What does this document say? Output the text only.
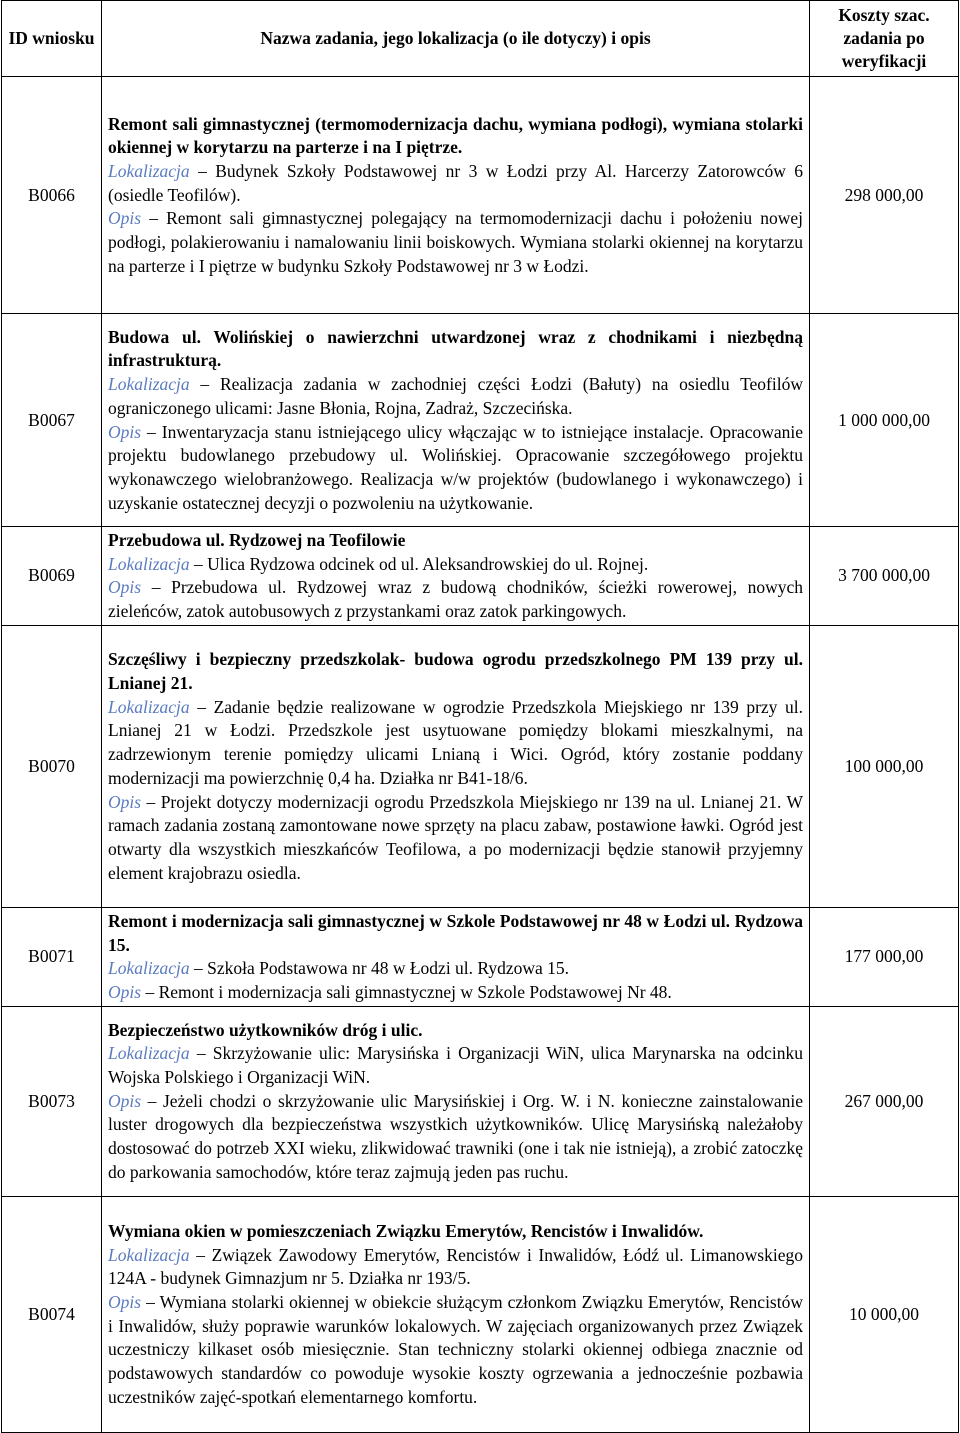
ID wniosku	Nazwa zadania, jego lokalizacja (o ile dotyczy) i opis	Koszty szac. zadania po weryfikacji
B0066	Remont sali gimnastycznej (termomodernizacja dachu, wymiana podłogi), wymiana stolarki okiennej w korytarzu na parterze i na I piętrze.
Lokalizacja – Budynek Szkoły Podstawowej nr 3 w Łodzi przy Al. Harcerzy Zatorowców 6 (osiedle Teofilów).
Opis – Remont sali gimnastycznej polegający na termomodernizacji dachu i położeniu nowej podłogi, polakierowaniu i namalowaniu linii boiskowych. Wymiana stolarki okiennej na korytarzu na parterze i I piętrze w budynku Szkoły Podstawowej nr 3 w Łodzi.	298 000,00
B0067	Budowa ul. Wolińskiej o nawierzchni utwardzonej wraz z chodnikami i niezbędną infrastrukturą.
Lokalizacja – Realizacja zadania w zachodniej części Łodzi (Bałuty) na osiedlu Teofilów ograniczonego ulicami: Jasne Błonia, Rojna, Zadraż, Szczecińska.
Opis – Inwentaryzacja stanu istniejącego ulicy włączając w to istniejące instalacje. Opracowanie projektu budowlanego przebudowy ul. Wolińskiej. Opracowanie szczegółowego projektu wykonawczego wielobranżowego. Realizacja w/w projektów (budowlanego i wykonawczego) i uzyskanie ostatecznej decyzji o pozwoleniu na użytkowanie.	1 000 000,00
B0069	Przebudowa ul. Rydzowej na Teofilowie
Lokalizacja – Ulica Rydzowa odcinek od ul. Aleksandrowskiej do ul. Rojnej.
Opis – Przebudowa ul. Rydzowej wraz z budową chodników, ścieżki rowerowej, nowych zieleńców, zatok autobusowych z przystankami oraz zatok parkingowych.	3 700 000,00
B0070	Szczęśliwy i bezpieczny przedszkolak- budowa ogrodu przedszkolnego PM 139 przy ul. Lnianej 21.
Lokalizacja – Zadanie będzie realizowane w ogrodzie Przedszkola Miejskiego nr 139 przy ul. Lnianej 21 w Łodzi. Przedszkole jest usytuowane pomiędzy blokami mieszkalnymi, na zadrzewionym terenie pomiędzy ulicami Lnianą i Wici. Ogród, który zostanie poddany modernizacji ma powierzchnię 0,4 ha. Działka nr B41-18/6.
Opis – Projekt dotyczy modernizacji ogrodu Przedszkola Miejskiego nr 139 na ul. Lnianej 21. W ramach zadania zostaną zamontowane nowe sprzęty na placu zabaw, postawione ławki. Ogród jest otwarty dla wszystkich mieszkańców Teofilowa, a po modernizacji będzie stanowił przyjemny element krajobrazu osiedla.	100 000,00
B0071	Remont i modernizacja sali gimnastycznej w Szkole Podstawowej nr 48 w Łodzi ul. Rydzowa 15.
Lokalizacja – Szkoła Podstawowa nr 48 w Łodzi ul. Rydzowa 15.
Opis – Remont i modernizacja sali gimnastycznej w Szkole Podstawowej Nr 48.	177 000,00
B0073	Bezpieczeństwo użytkowników dróg i ulic.
Lokalizacja – Skrzyżowanie ulic: Marysińska i Organizacji WiN, ulica Marynarska na odcinku Wojska Polskiego i Organizacji WiN.
Opis – Jeżeli chodzi o skrzyżowanie ulic Marysińskiej i Org. W. i N. konieczne zainstalowanie luster drogowych dla bezpieczeństwa wszystkich użytkowników. Ulicę Marysińską należałoby dostosować do potrzeb XXI wieku, zlikwidować trawniki (one i tak nie istnieją), a zrobić zatoczkę do parkowania samochodów, które teraz zajmują jeden pas ruchu.	267 000,00
B0074	Wymiana okien w pomieszczeniach Związku Emerytów, Rencistów i Inwalidów.
Lokalizacja – Związek Zawodowy Emerytów, Rencistów i Inwalidów, Łódź ul. Limanowskiego 124A - budynek Gimnazjum nr 5. Działka nr 193/5.
Opis – Wymiana stolarki okiennej w obiekcie służącym członkom Związku Emerytów, Rencistów i Inwalidów, służy poprawie warunków lokalowych. W zajęciach organizowanych przez Związek uczestniczy kilkaset osób miesięcznie. Stan techniczny stolarki okiennej odbiega znacznie od podstawowych standardów co powoduje wysokie koszty ogrzewania a jednocześnie pozbawia uczestników zajęć-spotkań elementarnego komfortu.	10 000,00
